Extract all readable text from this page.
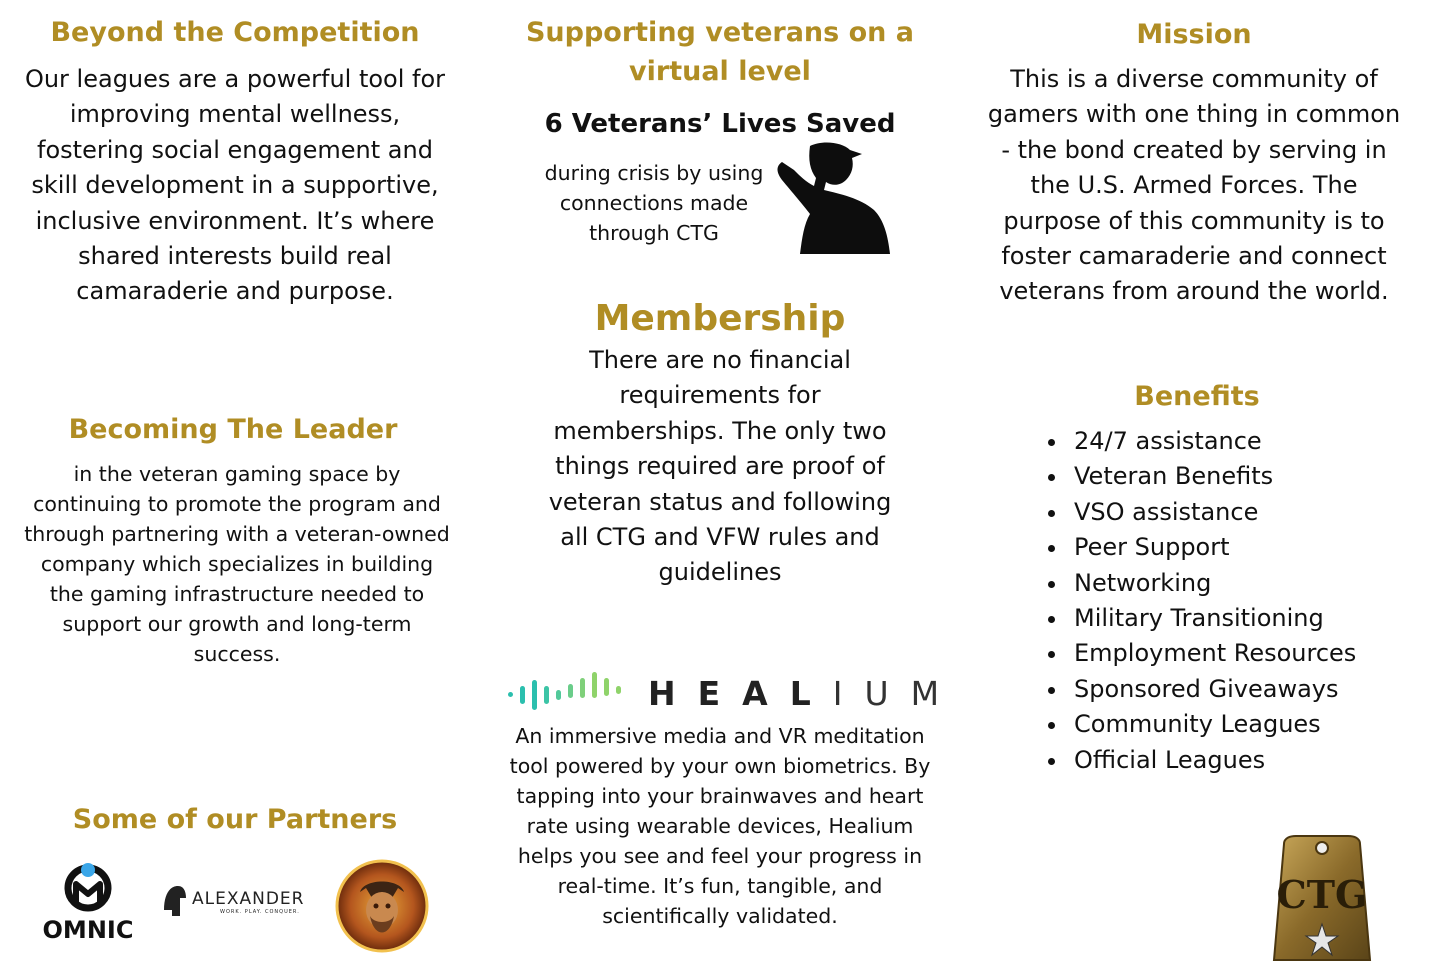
Beyond the Competition
Our leagues are a powerful tool for improving mental wellness, fostering social engagement and skill development in a supportive, inclusive environment. It’s where shared interests build real camaraderie and purpose.
Becoming The Leader
in the veteran gaming space by continuing to promote the program and through partnering with a veteran-owned company which specializes in building the gaming infrastructure needed to support our growth and long-term success.
Some of our Partners
OMNIC
ALEXANDER
WORK. PLAY. CONQUER.
Supporting veterans on a virtual level
6 Veterans’ Lives Saved
during crisis by using connections made through CTG
Membership
There are no financial requirements for memberships. The only two things required are proof of veteran status and following all CTG and VFW rules and guidelines
HEALIUM
An immersive media and VR meditation tool powered by your own biometrics. By tapping into your brainwaves and heart rate using wearable devices, Healium helps you see and feel your progress in real-time. It’s fun, tangible, and scientifically validated.
Mission
This is a diverse community of gamers with one thing in common - the bond created by serving in the U.S. Armed Forces. The purpose of this community is to foster camaraderie and connect veterans from around the world.
Benefits
24/7 assistance
Veteran Benefits
VSO assistance
Peer Support
Networking
Military Transitioning
Employment Resources
Sponsored Giveaways
Community Leagues
Official Leagues
CTG
